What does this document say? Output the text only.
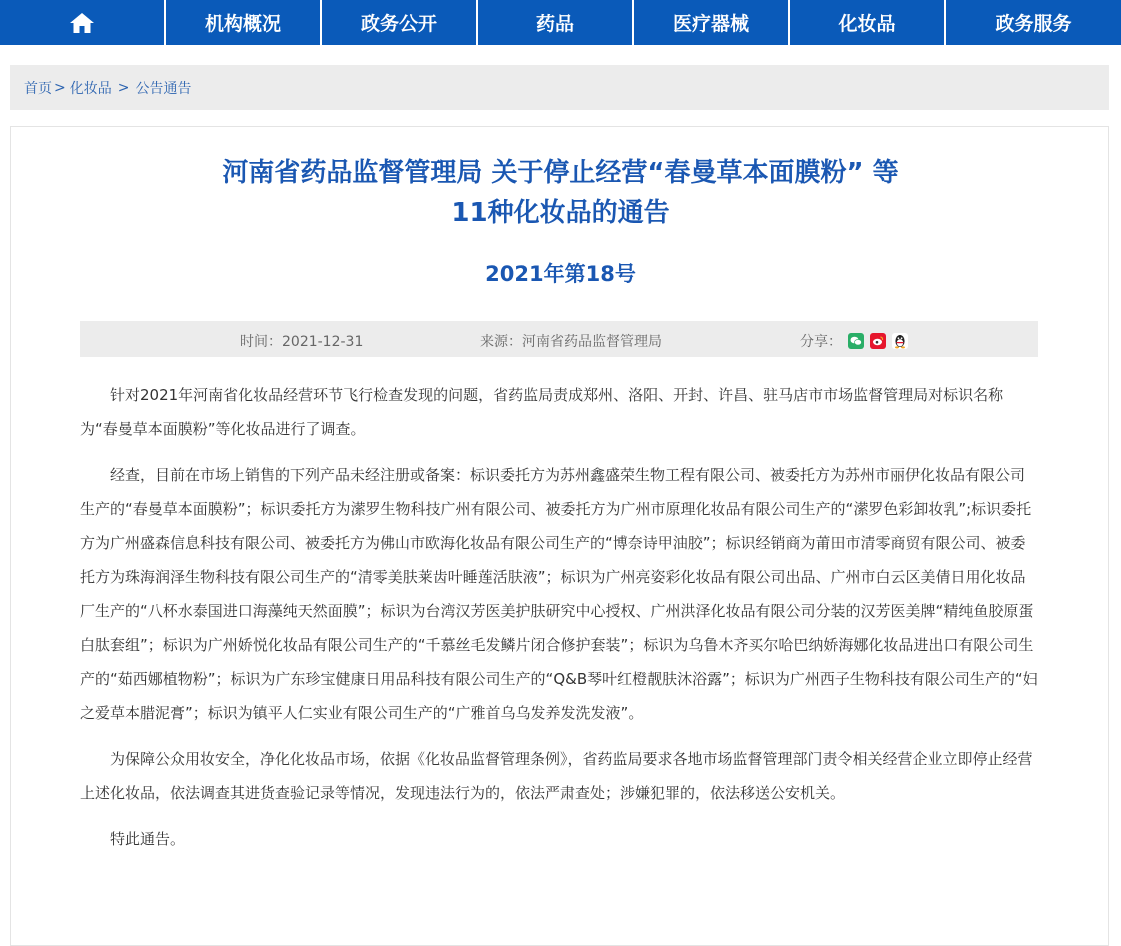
机构概况	政务公开	药品	医疗器械	化妆品	政务服务
首页 > 化妆品 > 公告通告
河南省药品监督管理局 关于停止经营“春曼草本面膜粉” 等
11种化妆品的通告
2021年第18号
时间：2021-12-31	来源：河南省药品监督管理局	分享：

针对2021年河南省化妆品经营环节飞行检查发现的问题，省药监局责成郑州、洛阳、开封、许昌、驻马店市市场监督管理局对标识名称为“春曼草本面膜粉”等化妆品进行了调查。

经查，目前在市场上销售的下列产品未经注册或备案：标识委托方为苏州鑫盛荣生物工程有限公司、被委托方为苏州市丽伊化妆品有限公司生产的“春曼草本面膜粉”；标识委托方为潆罗生物科技广州有限公司、被委托方为广州市原理化妆品有限公司生产的“潆罗色彩卸妆乳”;标识委托方为广州盛森信息科技有限公司、被委托方为佛山市欧海化妆品有限公司生产的“博奈诗甲油胶”；标识经销商为莆田市清零商贸有限公司、被委托方为珠海润泽生物科技有限公司生产的“清零美肤莱齿叶睡莲活肤液”；标识为广州亮姿彩化妆品有限公司出品、广州市白云区美倩日用化妆品厂生产的“八杯水泰国进口海藻纯天然面膜”；标识为台湾汉芳医美护肤研究中心授权、广州洪泽化妆品有限公司分装的汉芳医美牌“精纯鱼胶原蛋白肽套组”；标识为广州娇悦化妆品有限公司生产的“千慕丝毛发鳞片闭合修护套装”；标识为乌鲁木齐买尔哈巴纳娇海娜化妆品进出口有限公司生产的“茹西娜植物粉”；标识为广东珍宝健康日用品科技有限公司生产的“Q&B琴叶红橙靓肤沐浴露”；标识为广州西子生物科技有限公司生产的“妇之爱草本腊泥膏”；标识为镇平人仁实业有限公司生产的“广雅首乌乌发养发洗发液”。

为保障公众用妆安全，净化化妆品市场，依据《化妆品监督管理条例》，省药监局要求各地市场监督管理部门责令相关经营企业立即停止经营上述化妆品，依法调查其进货查验记录等情况，发现违法行为的，依法严肃查处；涉嫌犯罪的，依法移送公安机关。

特此通告。
